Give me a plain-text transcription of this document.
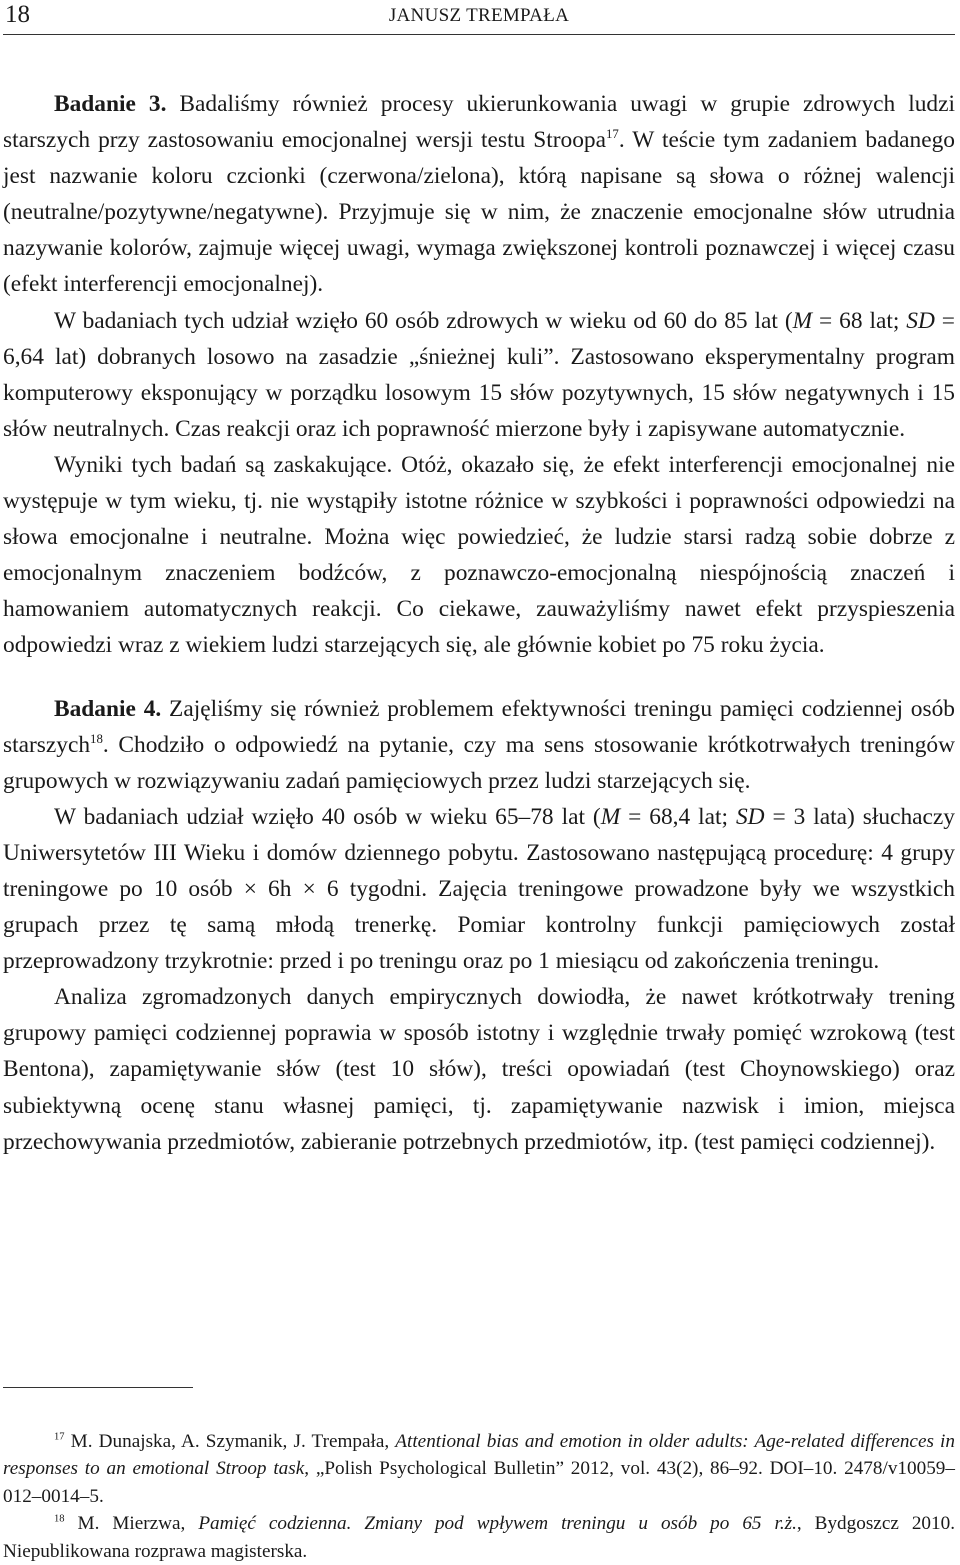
18	JANUSZ TREMPAŁA

Badanie 3. Badaliśmy również procesy ukierunkowania uwagi w grupie zdrowych ludzi starszych przy zastosowaniu emocjonalnej wersji testu Stroopa$^{17}$. W teście tym zadaniem badanego jest nazwanie koloru czcionki (czerwona/zielona), którą napisane są słowa o różnej walencji (neutralne/pozytywne/negatywne). Przyjmuje się w nim, że znaczenie emocjonalne słów utrudnia nazywanie kolorów, zajmuje więcej uwagi, wymaga zwiększonej kontroli poznawczej i więcej czasu (efekt interferencji emocjonalnej).

W badaniach tych udział wzięło 60 osób zdrowych w wieku od 60 do 85 lat (M = 68 lat; SD = 6,64 lat) dobranych losowo na zasadzie „śnieżnej kuli”. Zastosowano eksperymentalny program komputerowy eksponujący w porządku losowym 15 słów pozytywnych, 15 słów negatywnych i 15 słów neutralnych. Czas reakcji oraz ich poprawność mierzone były i zapisywane automatycznie.

Wyniki tych badań są zaskakujące. Otóż, okazało się, że efekt interferencji emocjonalnej nie występuje w tym wieku, tj. nie wystąpiły istotne różnice w szybkości i poprawności odpowiedzi na słowa emocjonalne i neutralne. Można więc powiedzieć, że ludzie starsi radzą sobie dobrze z emocjonalnym znaczeniem bodźców, z poznawczo-emocjonalną niespójnością znaczeń i hamowaniem automatycznych reakcji. Co ciekawe, zauważyliśmy nawet efekt przyspieszenia odpowiedzi wraz z wiekiem ludzi starzejących się, ale głównie kobiet po 75 roku życia.

Badanie 4. Zajęliśmy się również problemem efektywności treningu pamięci codziennej osób starszych$^{18}$. Chodziło o odpowiedź na pytanie, czy ma sens stosowanie krótkotrwałych treningów grupowych w rozwiązywaniu zadań pamięciowych przez ludzi starzejących się.

W badaniach udział wzięło 40 osób w wieku 65–78 lat (M = 68,4 lat; SD = 3 lata) słuchaczy Uniwersytetów III Wieku i domów dziennego pobytu. Zastosowano następującą procedurę: 4 grupy treningowe po 10 osób × 6h × 6 tygodni. Zajęcia treningowe prowadzone były we wszystkich grupach przez tę samą młodą trenerkę. Pomiar kontrolny funkcji pamięciowych został przeprowadzony trzykrotnie: przed i po treningu oraz po 1 miesiącu od zakończenia treningu.

Analiza zgromadzonych danych empirycznych dowiodła, że nawet krótkotrwały trening grupowy pamięci codziennej poprawia w sposób istotny i względnie trwały pomięć wzrokową (test Bentona), zapamiętywanie słów (test 10 słów), treści opowiadań (test Choynowskiego) oraz subiektywną ocenę stanu własnej pamięci, tj. zapamiętywanie nazwisk i imion, miejsca przechowywania przedmiotów, zabieranie potrzebnych przedmiotów, itp. (test pamięci codziennej).

$^{17}$ M. Dunajska, A. Szymanik, J. Trempała, Attentional bias and emotion in older adults: Age-related differences in responses to an emotional Stroop task, „Polish Psychological Bulletin” 2012, vol. 43(2), 86–92. DOI–10. 2478/v10059–012–0014–5.

$^{18}$ M. Mierzwa, Pamięć codzienna. Zmiany pod wpływem treningu u osób po 65 r.ż., Bydgoszcz 2010. Niepublikowana rozprawa magisterska.
